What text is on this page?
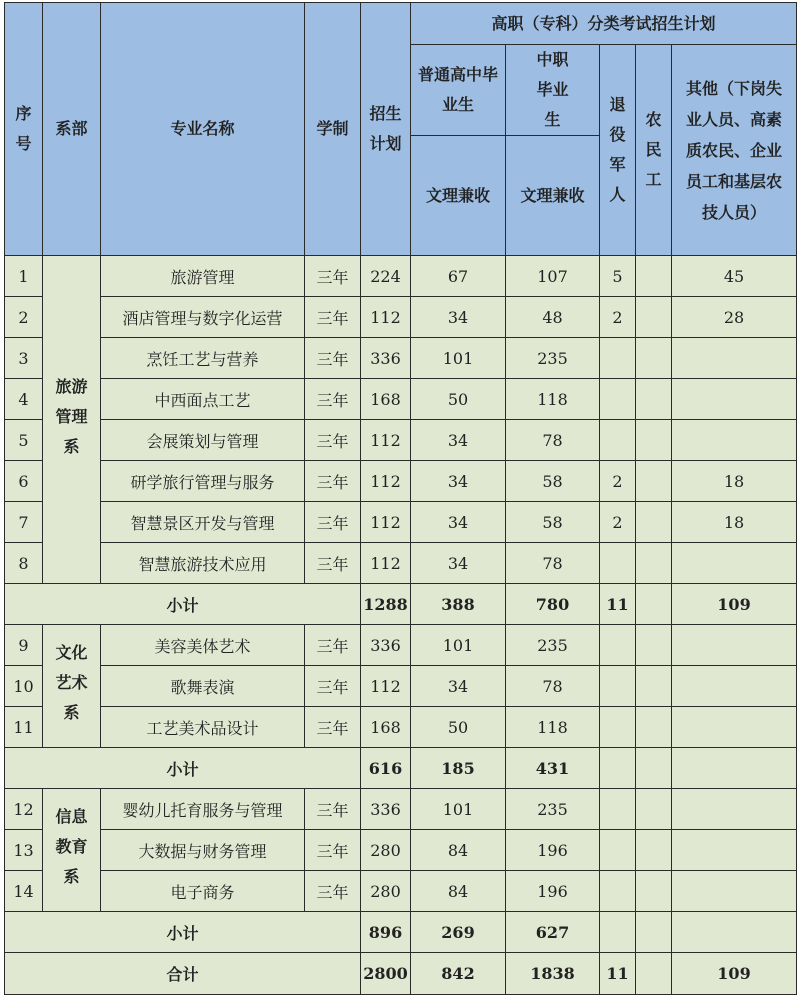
序号	系部	专业名称	学制	招生计划	高职（专科）分类考试招生计划				
					普通高中毕业生	中职毕业生	退役军人	农民工	其他（下岗失业人员、高素质农民、企业员工和基层农技人员）
					文理兼收	文理兼收			
1	旅游管理系	旅游管理	三年	224	67	107	5		45
2		酒店管理与数字化运营	三年	112	34	48	2		28
3		烹饪工艺与营养	三年	336	101	235			
4		中西面点工艺	三年	168	50	118			
5		会展策划与管理	三年	112	34	78			
6		研学旅行管理与服务	三年	112	34	58	2		18
7		智慧景区开发与管理	三年	112	34	58	2		18
8		智慧旅游技术应用	三年	112	34	78			
小计				1288	388	780	11		109
9	文化艺术系	美容美体艺术	三年	336	101	235			
10		歌舞表演	三年	112	34	78			
11		工艺美术品设计	三年	168	50	118			
小计				616	185	431			
12	信息教育系	婴幼儿托育服务与管理	三年	336	101	235			
13		大数据与财务管理	三年	280	84	196			
14		电子商务	三年	280	84	196			
小计				896	269	627			
合计				2800	842	1838	11		109
